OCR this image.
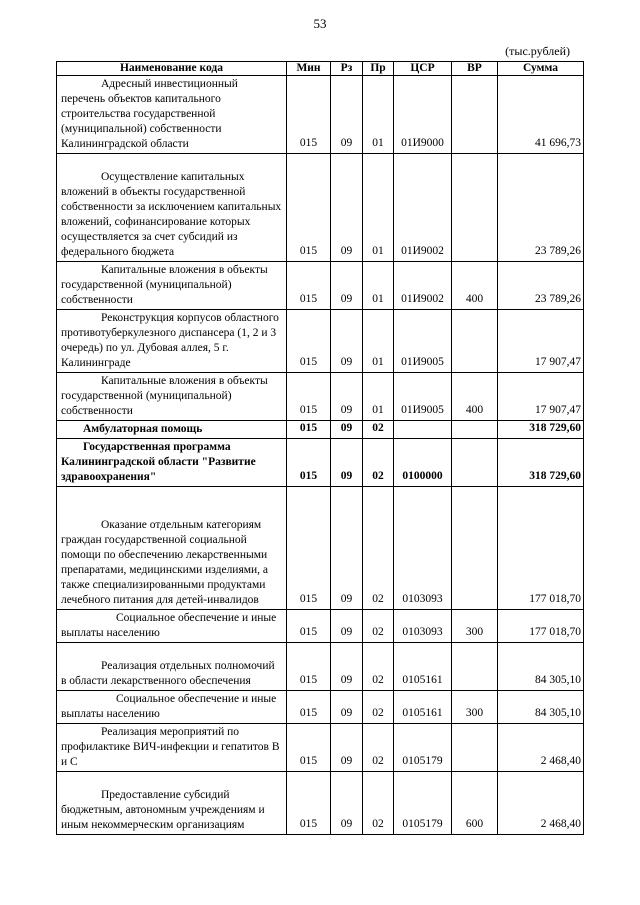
53
(тыс.рублей)
Наименование кода	Мин	Рз	Пр	ЦСР	ВР	Сумма

Адресный инвестиционный перечень объектов капитального строительства государственной (муниципальной) собственности Калининградской области	015	09	01	01И9000		41 696,73

Осуществление капитальных вложений в объекты государственной собственности за исключением капитальных вложений, софинансирование которых осуществляется за счет субсидий из федерального бюджета	015	09	01	01И9002		23 789,26

Капитальные вложения в объекты государственной (муниципальной) собственности	015	09	01	01И9002	400	23 789,26

Реконструкция корпусов областного противотуберкулезного диспансера (1, 2 и 3 очередь) по ул. Дубовая аллея, 5 г. Калининграде	015	09	01	01И9005		17 907,47

Капитальные вложения в объекты государственной (муниципальной) собственности	015	09	01	01И9005	400	17 907,47

Амбулаторная помощь	015	09	02			318 729,60

Государственная программа Калининградской области "Развитие здравоохранения"	015	09	02	0100000		318 729,60

Оказание отдельным категориям граждан государственной социальной помощи по обеспечению лекарственными препаратами, медицинскими изделиями, а также специализированными продуктами лечебного питания для детей-инвалидов	015	09	02	0103093		177 018,70

Социальное обеспечение и иные выплаты населению	015	09	02	0103093	300	177 018,70

Реализация отдельных полномочий в области лекарственного обеспечения	015	09	02	0105161		84 305,10

Социальное обеспечение и иные выплаты населению	015	09	02	0105161	300	84 305,10

Реализация мероприятий по профилактике ВИЧ-инфекции и гепатитов В и С	015	09	02	0105179		2 468,40

Предоставление субсидий бюджетным, автономным учреждениям и иным некоммерческим организациям	015	09	02	0105179	600	2 468,40
